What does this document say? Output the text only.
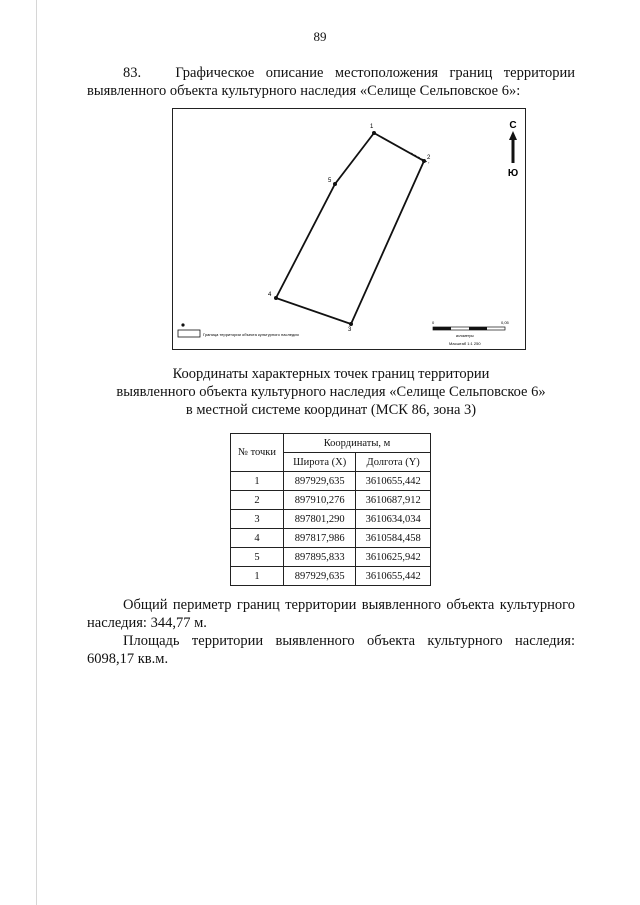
89

83.   Графическое описание местоположения границ территории выявленного объекта культурного наследия «Селище Сельповское 6»:

1
2
3
4
5
С
Ю
Граница территории объекта культурного наследия
0	0,05
километры
Масштаб 1:1 250
Координаты характерных точек границ территории
выявленного объекта культурного наследия «Селище Сельповское 6»
в местной системе координат (МСК 86, зона 3)
№ точки	Координаты, м	
	Широта (X)	Долгота (Y)
1	897929,635	3610655,442
2	897910,276	3610687,912
3	897801,290	3610634,034
4	897817,986	3610584,458
5	897895,833	3610625,942
1	897929,635	3610655,442

Общий периметр границ территории выявленного объекта культурного наследия: 344,77 м.

Площадь территории выявленного объекта культурного наследия: 6098,17 кв.м.
